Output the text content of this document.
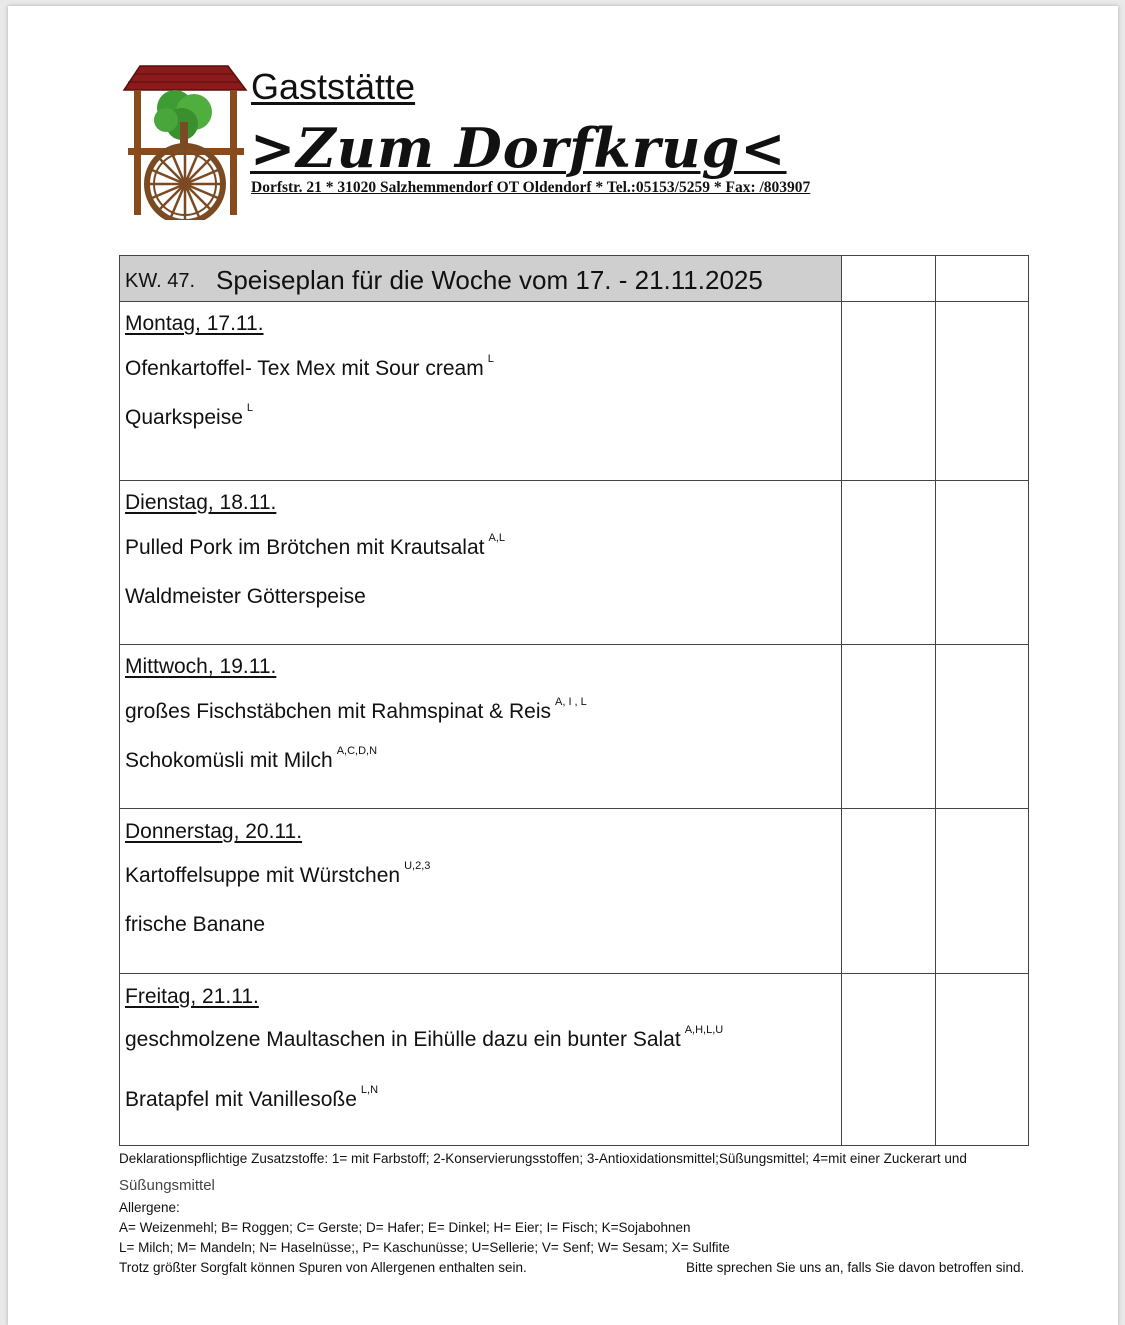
Gaststätte
>Zum Dorfkrug<
Dorfstr. 21 * 31020 Salzhemmendorf OT Oldendorf * Tel.:05153/5259 * Fax: /803907
KW. 47. Speiseplan für die Woche vom 17. - 21.11.2025
Montag, 17.11.
Ofenkartoffel- Tex Mex mit Sour cream $^L$
Quarkspeise $^L$
Dienstag, 18.11.
Pulled Pork im Brötchen mit Krautsalat $^{A,L}$
Waldmeister Götterspeise
Mittwoch, 19.11.
großes Fischstäbchen mit Rahmspinat & Reis $^{A, I , L}$
Schokomüsli mit Milch $^{A,C,D,N}$
Donnerstag, 20.11.
Kartoffelsuppe mit Würstchen $^{U,2,3}$
frische Banane
Freitag, 21.11.
geschmolzene Maultaschen in Eihülle dazu ein bunter Salat $^{A,H,L,U}$
Bratapfel mit Vanillesoße $^{L,N}$
Deklarationspflichtige Zusatzstoffe: 1= mit Farbstoff; 2-Konservierungsstoffen; 3-Antioxidationsmittel;Süßungsmittel; 4=mit einer Zuckerart und
Süßungsmittel
Allergene:
A= Weizenmehl; B= Roggen; C= Gerste; D= Hafer; E= Dinkel; H= Eier; I= Fisch; K=Sojabohnen
L= Milch; M= Mandeln; N= Haselnüsse;, P= Kaschunüsse; U=Sellerie; V= Senf; W= Sesam; X= Sulfite
Trotz größter Sorgfalt können Spuren von Allergenen enthalten sein.	Bitte sprechen Sie uns an, falls Sie davon betroffen sind.
